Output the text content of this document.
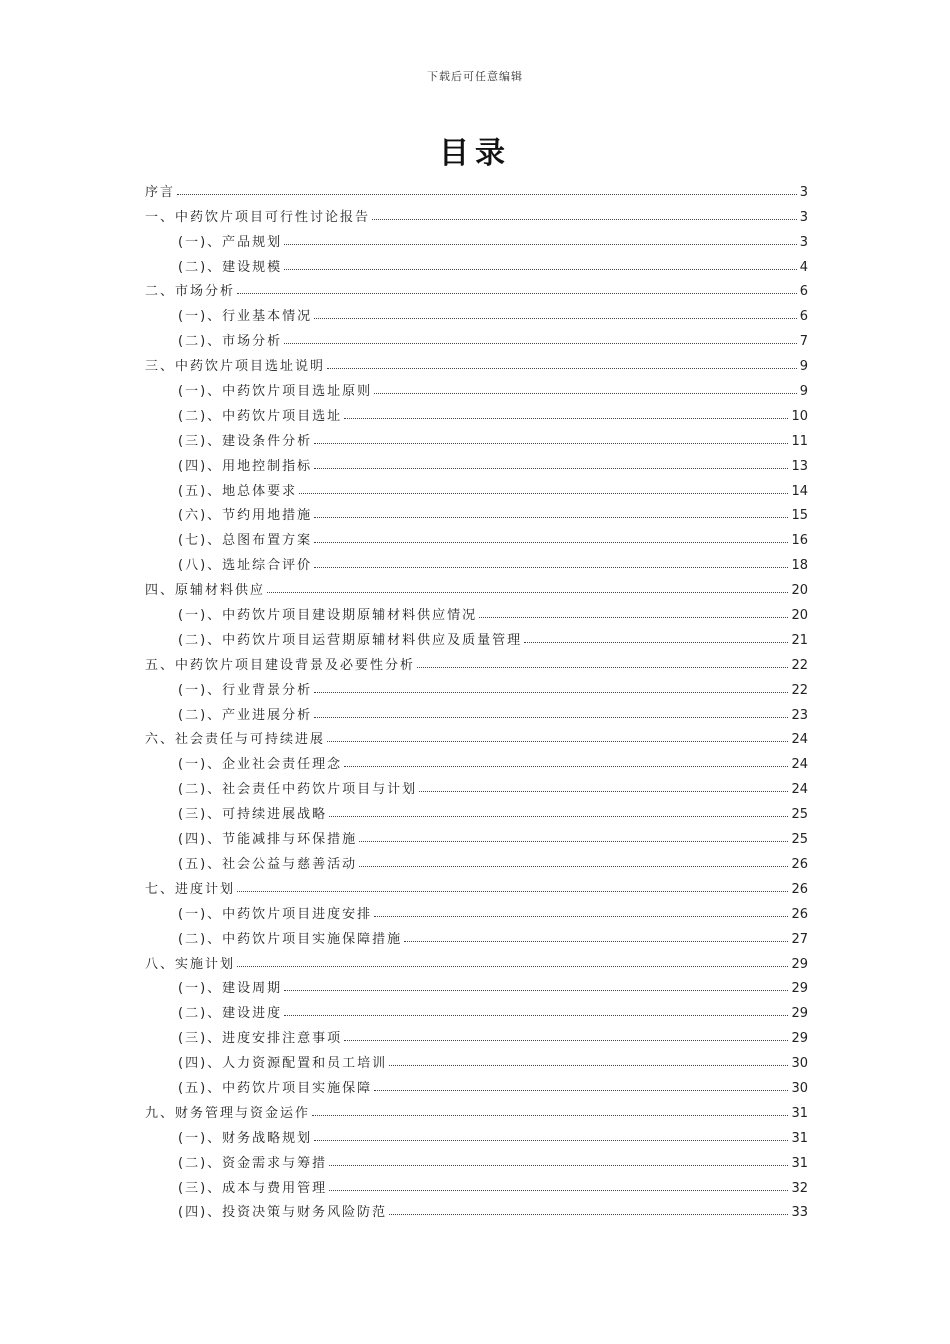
下载后可任意编辑
目录
序言	3
一、中药饮片项目可行性讨论报告	3
(一)、产品规划	3
(二)、建设规模	4
二、市场分析	6
(一)、行业基本情况	6
(二)、市场分析	7
三、中药饮片项目选址说明	9
(一)、中药饮片项目选址原则	9
(二)、中药饮片项目选址	10
(三)、建设条件分析	11
(四)、用地控制指标	13
(五)、地总体要求	14
(六)、节约用地措施	15
(七)、总图布置方案	16
(八)、选址综合评价	18
四、原辅材料供应	20
(一)、中药饮片项目建设期原辅材料供应情况	20
(二)、中药饮片项目运营期原辅材料供应及质量管理	21
五、中药饮片项目建设背景及必要性分析	22
(一)、行业背景分析	22
(二)、产业进展分析	23
六、社会责任与可持续进展	24
(一)、企业社会责任理念	24
(二)、社会责任中药饮片项目与计划	24
(三)、可持续进展战略	25
(四)、节能减排与环保措施	25
(五)、社会公益与慈善活动	26
七、进度计划	26
(一)、中药饮片项目进度安排	26
(二)、中药饮片项目实施保障措施	27
八、实施计划	29
(一)、建设周期	29
(二)、建设进度	29
(三)、进度安排注意事项	29
(四)、人力资源配置和员工培训	30
(五)、中药饮片项目实施保障	30
九、财务管理与资金运作	31
(一)、财务战略规划	31
(二)、资金需求与筹措	31
(三)、成本与费用管理	32
(四)、投资决策与财务风险防范	33
